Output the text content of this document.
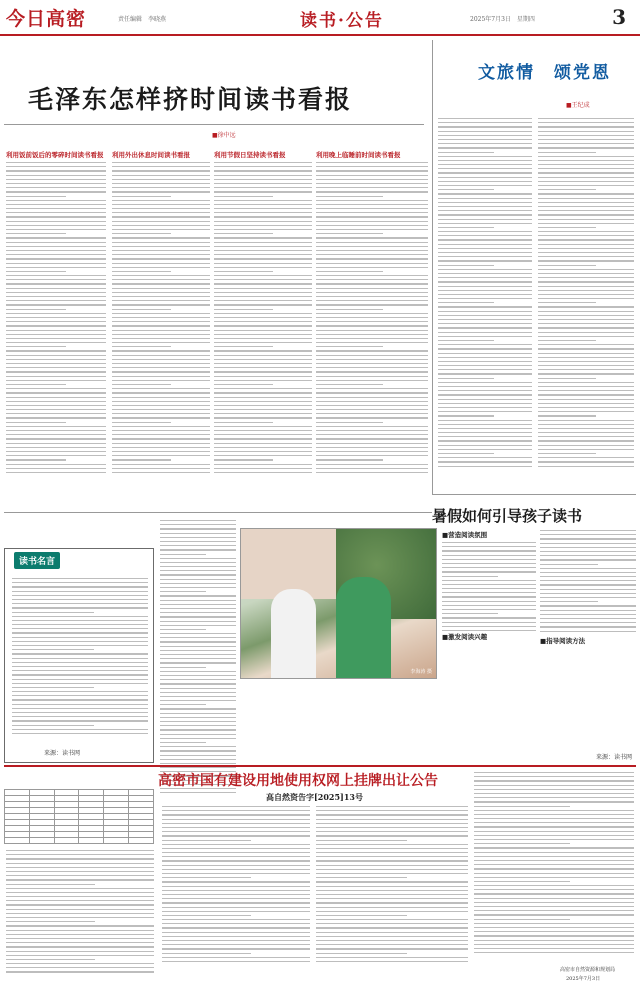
今日高密	责任编辑　李晓燕	读书·公告	2025年7月3日　星期四	3
毛泽东怎样挤时间读书看报
■徐中远
文旅情　颂党恩
■王纪成
利用饭前饭后的零碎时间读书看报	利用外出休息时间读书看报	利用节假日坚持读书看报	利用晚上临睡前时间读书看报
读书名言
来源：读书网
李海涛 摄
暑假如何引导孩子读书
■营造阅读氛围
■激发阅读兴趣	■指导阅读方法
来源：读书网
高密市国有建设用地使用权网上挂牌出让公告
高自然资告字[2025]13号

高密市自然资源和规划局
2025年7月3日
